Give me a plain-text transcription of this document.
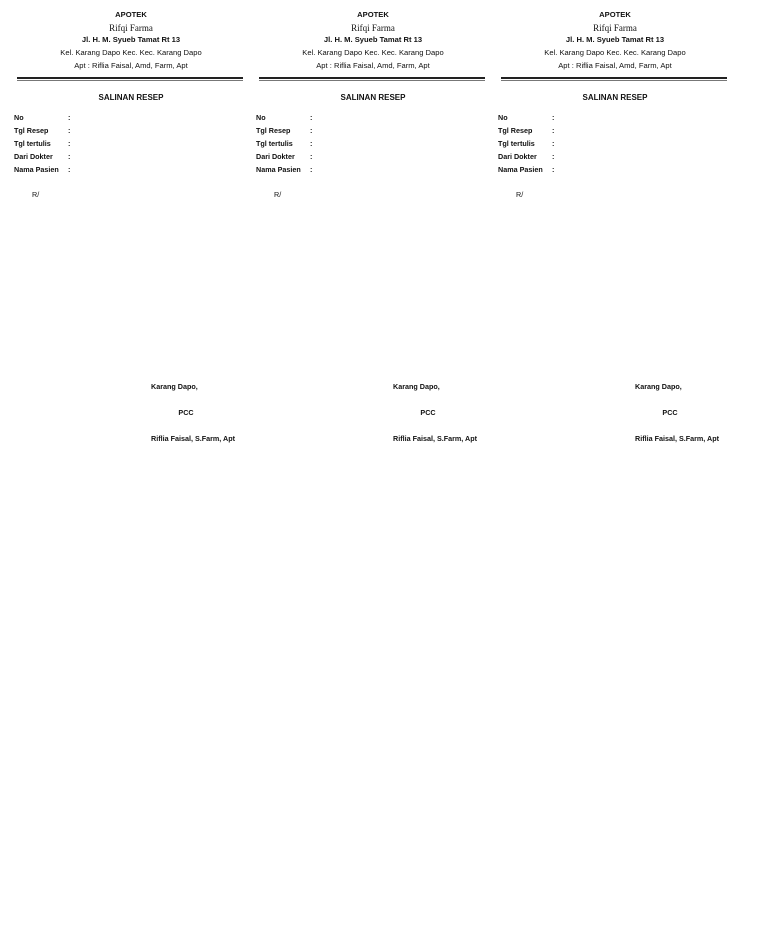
APOTEK
Rifqi Farma
Jl. H. M. Syueb Tamat Rt 13
Kel. Karang Dapo Kec. Kec. Karang Dapo
Apt : Riflia Faisal, Amd, Farm, Apt
SALINAN RESEP
No	:
Tgl Resep	:
Tgl tertulis :
Dari Dokter :
Nama Pasien :
R/
Karang Dapo,
PCC
Riflia Faisal, S.Farm, Apt
APOTEK
Rifqi Farma
Jl. H. M. Syueb Tamat Rt 13
Kel. Karang Dapo Kec. Kec. Karang Dapo
Apt : Riflia Faisal, Amd, Farm, Apt
SALINAN RESEP
No	:
Tgl Resep	:
Tgl tertulis :
Dari Dokter :
Nama Pasien :
R/
Karang Dapo,
PCC
Riflia Faisal, S.Farm, Apt
APOTEK
Rifqi Farma
Jl. H. M. Syueb Tamat Rt 13
Kel. Karang Dapo Kec. Kec. Karang Dapo
Apt : Riflia Faisal, Amd, Farm, Apt
SALINAN RESEP
No	:
Tgl Resep	:
Tgl tertulis :
Dari Dokter :
Nama Pasien :
R/
Karang Dapo,
PCC
Riflia Faisal, S.Farm, Apt
